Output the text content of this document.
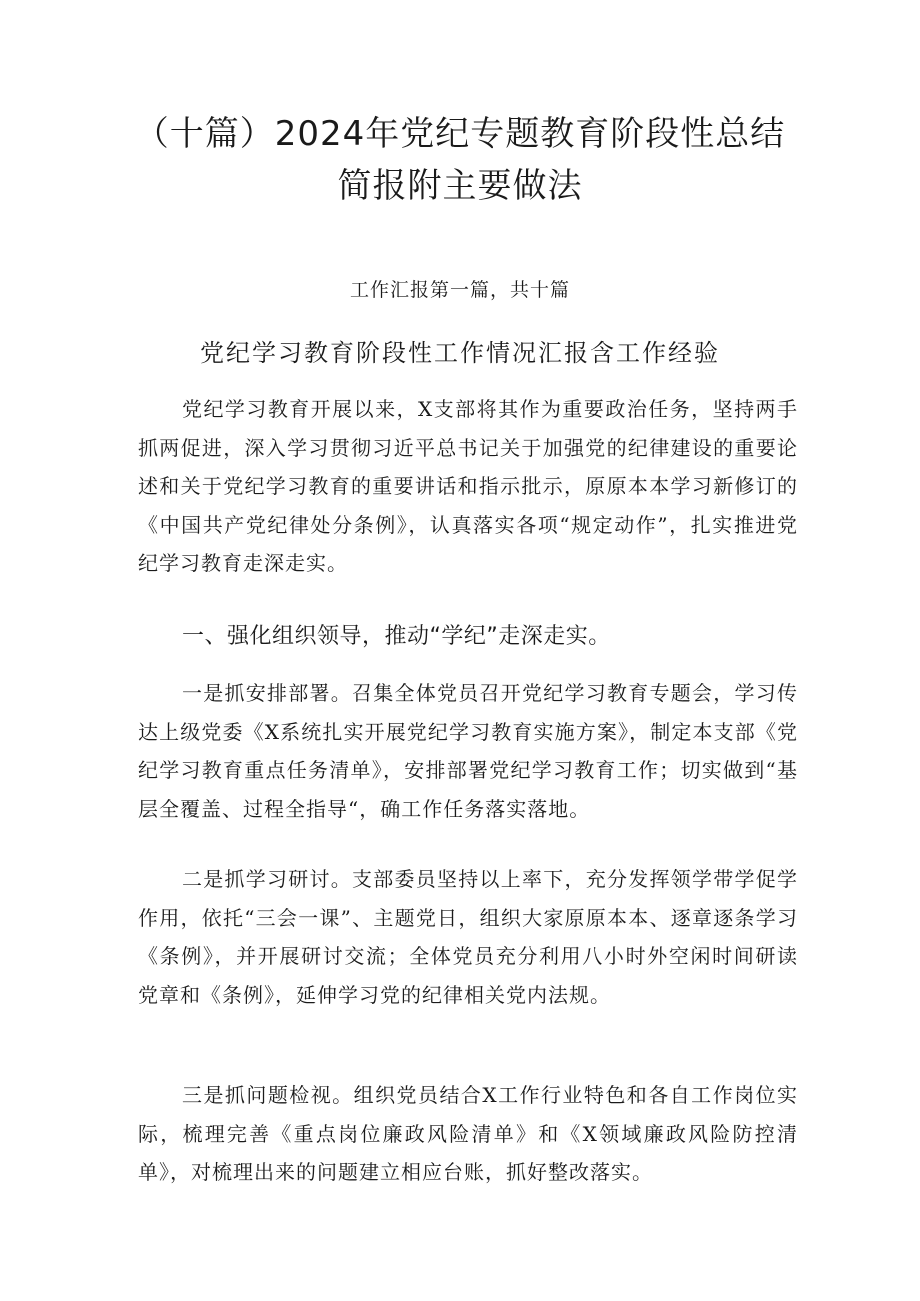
（十篇）2024年党纪专题教育阶段性总结
简报附主要做法
工作汇报第一篇，共十篇
党纪学习教育阶段性工作情况汇报含工作经验

党纪学习教育开展以来，X支部将其作为重要政治任务，坚持两手抓两促进，深入学习贯彻习近平总书记关于加强党的纪律建设的重要论述和关于党纪学习教育的重要讲话和指示批示，原原本本学习新修订的《中国共产党纪律处分条例》，认真落实各项“规定动作”，扎实推进党纪学习教育走深走实。

一、强化组织领导，推动“学纪”走深走实。

一是抓安排部署。召集全体党员召开党纪学习教育专题会，学习传达上级党委《X系统扎实开展党纪学习教育实施方案》，制定本支部《党纪学习教育重点任务清单》，安排部署党纪学习教育工作；切实做到“基层全覆盖、过程全指导“，确工作任务落实落地。

二是抓学习研讨。支部委员坚持以上率下，充分发挥领学带学促学作用，依托“三会一课”、主题党日，组织大家原原本本、逐章逐条学习《条例》，并开展研讨交流；全体党员充分利用八小时外空闲时间研读党章和《条例》，延伸学习党的纪律相关党内法规。

三是抓问题检视。组织党员结合X工作行业特色和各自工作岗位实际，梳理完善《重点岗位廉政风险清单》和《X领域廉政风险防控清单》，对梳理出来的问题建立相应台账，抓好整改落实。
